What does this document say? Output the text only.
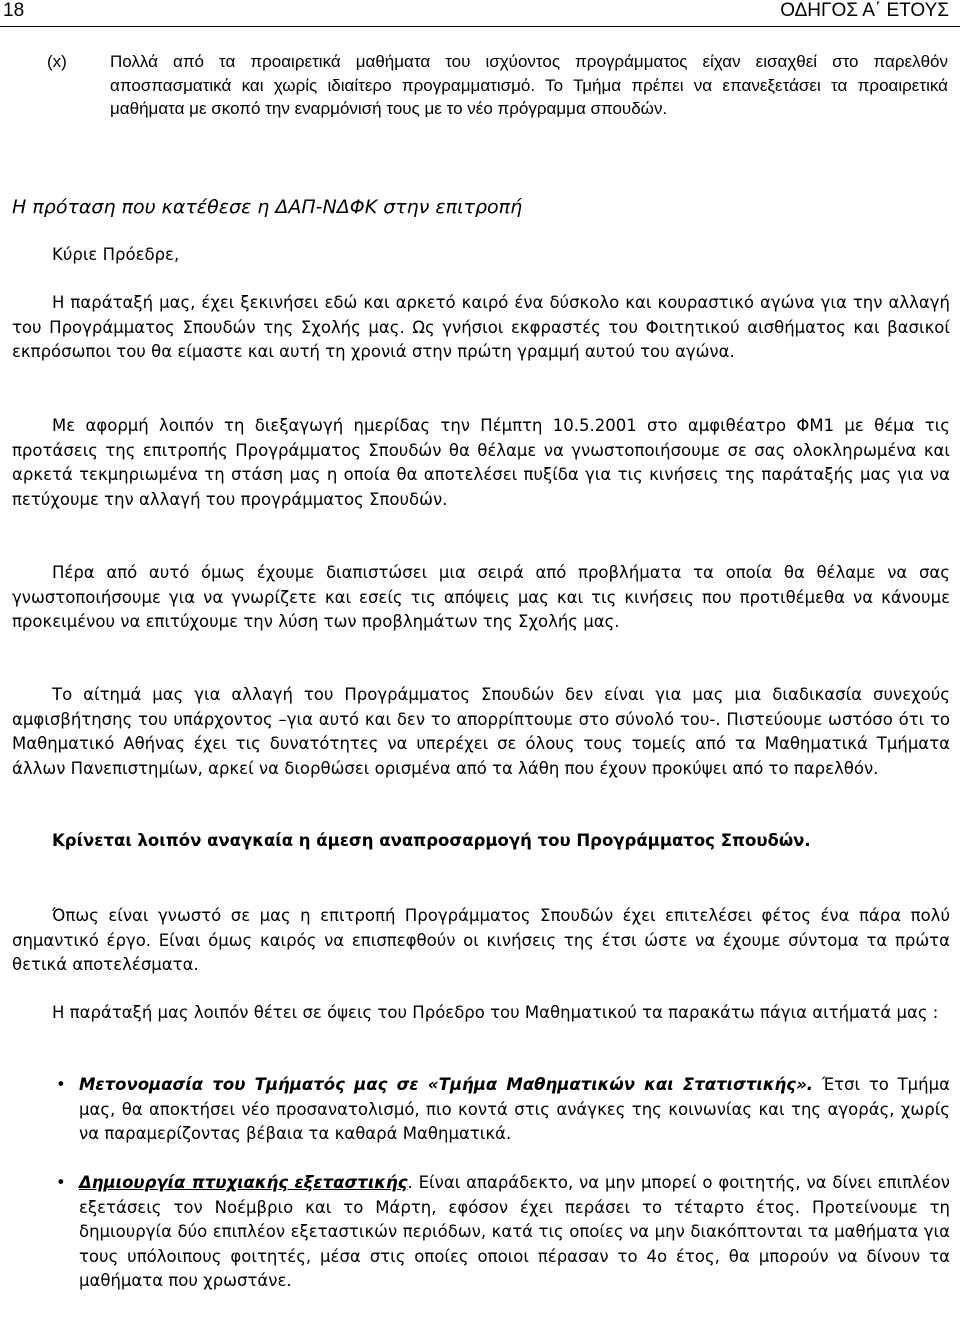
18	ΟΔΗΓΟΣ Α΄ ΕΤΟΥΣ
(x)	Πολλά από τα προαιρετικά μαθήματα του ισχύοντος προγράμματος είχαν εισαχθεί στο παρελθόν αποσπασματικά και χωρίς ιδιαίτερο προγραμματισμό. Το Τμήμα πρέπει να επανεξετάσει τα προαιρετικά μαθήματα με σκοπό την εναρμόνισή τους με το νέο πρόγραμμα σπουδών.
Η πρόταση που κατέθεσε η ΔΑΠ-ΝΔΦΚ στην επιτροπή
Κύριε Πρόεδρε,
Η παράταξή μας, έχει ξεκινήσει εδώ και αρκετό καιρό ένα δύσκολο και κουραστικό αγώνα για την αλλαγή του Προγράμματος Σπουδών της Σχολής μας. Ως γνήσιοι εκφραστές του Φοιτητικού αισθήματος και βασικοί εκπρόσωποι του θα είμαστε και αυτή τη χρονιά στην πρώτη γραμμή αυτού του αγώνα.
Με αφορμή λοιπόν τη διεξαγωγή ημερίδας την Πέμπτη 10.5.2001 στο αμφιθέατρο ΦΜ1 με θέμα τις προτάσεις της επιτροπής Προγράμματος Σπουδών θα θέλαμε να γνωστοποιήσουμε σε σας ολοκληρωμένα και αρκετά τεκμηριωμένα τη στάση μας η οποία θα αποτελέσει πυξίδα για τις κινήσεις της παράταξής μας για να πετύχουμε την αλλαγή του προγράμματος Σπουδών.
Πέρα από αυτό όμως έχουμε διαπιστώσει μια σειρά από προβλήματα τα οποία θα θέλαμε να σας γνωστοποιήσουμε για να γνωρίζετε και εσείς τις απόψεις μας και τις κινήσεις που προτιθέμεθα να κάνουμε προκειμένου να επιτύχουμε την λύση των προβλημάτων της Σχολής μας.
Το αίτημά μας για αλλαγή του Προγράμματος Σπουδών δεν είναι για μας μια διαδικασία συνεχούς αμφισβήτησης του υπάρχοντος –για αυτό και δεν το απορρίπτουμε στο σύνολό του-. Πιστεύουμε ωστόσο ότι το Μαθηματικό Αθήνας έχει τις δυνατότητες να υπερέχει σε όλους τους τομείς από τα Μαθηματικά Τμήματα άλλων Πανεπιστημίων, αρκεί να διορθώσει ορισμένα από τα λάθη που έχουν προκύψει από το παρελθόν.
Κρίνεται λοιπόν αναγκαία η άμεση αναπροσαρμογή του Προγράμματος Σπουδών.
Όπως είναι γνωστό σε μας η επιτροπή Προγράμματος Σπουδών έχει επιτελέσει φέτος ένα πάρα πολύ σημαντικό έργο. Είναι όμως καιρός να επισπεφθούν οι κινήσεις της έτσι ώστε να έχουμε σύντομα τα πρώτα θετικά αποτελέσματα.
Η παράταξή μας λοιπόν θέτει σε όψεις του Πρόεδρο του Μαθηματικού τα παρακάτω πάγια αιτήματά μας :
• Μετονομασία του Τμήματός μας σε «Τμήμα Μαθηματικών και Στατιστικής». Έτσι το Τμήμα μας, θα αποκτήσει νέο προσανατολισμό, πιο κοντά στις ανάγκες της κοινωνίας και της αγοράς, χωρίς να παραμερίζοντας βέβαια τα καθαρά Μαθηματικά.
• Δημιουργία πτυχιακής εξεταστικής. Είναι απαράδεκτο, να μην μπορεί ο φοιτητής, να δίνει επιπλέον εξετάσεις τον Νοέμβριο και το Μάρτη, εφόσον έχει περάσει το τέταρτο έτος. Προτείνουμε τη δημιουργία δύο επιπλέον εξεταστικών περιόδων, κατά τις οποίες να μην διακόπτονται τα μαθήματα για τους υπόλοιπους φοιτητές, μέσα στις οποίες οποιοι πέρασαν το 4ο έτος, θα μπορούν να δίνουν τα μαθήματα που χρωστάνε.
